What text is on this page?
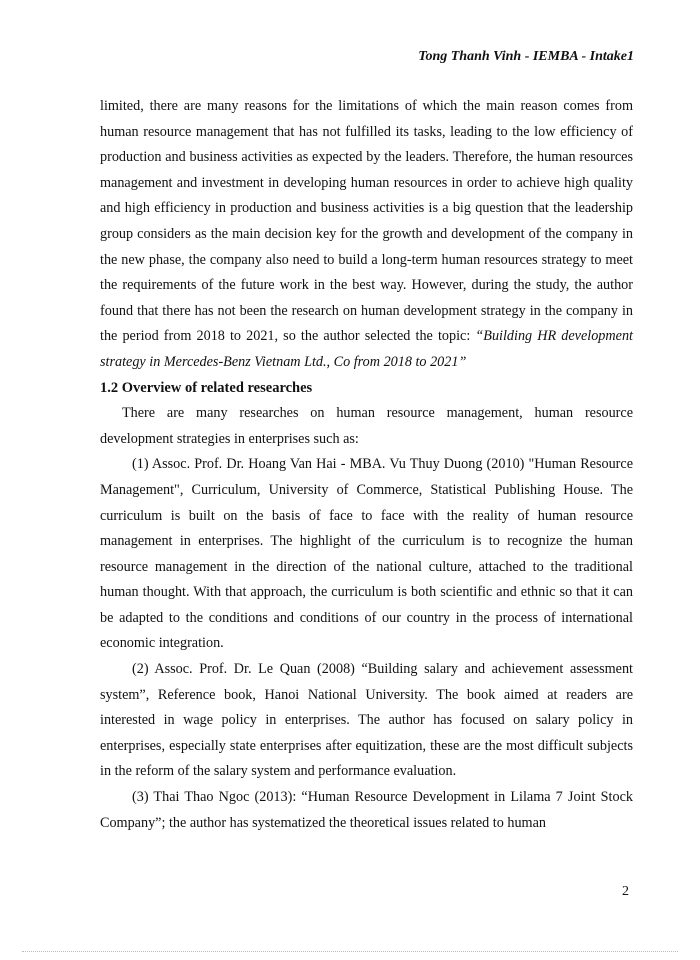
Tong Thanh Vinh - IEMBA - Intake1

limited, there are many reasons for the limitations of which the main reason comes from human resource management that has not fulfilled its tasks, leading to the low efficiency of production and business activities as expected by the leaders. Therefore, the human resources management and investment in developing human resources in order to achieve high quality and high efficiency in production and business activities is a big question that the leadership group considers as the main decision key for the growth and development of the company in the new phase, the company also need to build a long-term human resources strategy to meet the requirements of the future work in the best way. However, during the study, the author found that there has not been the research on human development strategy in the company in the period from 2018 to 2021, so the author selected the topic: “Building HR development strategy in Mercedes-Benz Vietnam Ltd., Co from 2018 to 2021”

1.2 Overview of related researches

There are many researches on human resource management, human resource development strategies in enterprises such as:

(1) Assoc. Prof. Dr. Hoang Van Hai - MBA. Vu Thuy Duong (2010) "Human Resource Management", Curriculum, University of Commerce, Statistical Publishing House. The curriculum is built on the basis of face to face with the reality of human resource management in enterprises. The highlight of the curriculum is to recognize the human resource management in the direction of the national culture, attached to the traditional human thought. With that approach, the curriculum is both scientific and ethnic so that it can be adapted to the conditions and conditions of our country in the process of international economic integration.

(2) Assoc. Prof. Dr. Le Quan (2008) “Building salary and achievement assessment system”, Reference book, Hanoi National University. The book aimed at readers are interested in wage policy in enterprises. The author has focused on salary policy in enterprises, especially state enterprises after equitization, these are the most difficult subjects in the reform of the salary system and performance evaluation.

(3) Thai Thao Ngoc (2013): “Human Resource Development in Lilama 7 Joint Stock Company”; the author has systematized the theoretical issues related to human

2
